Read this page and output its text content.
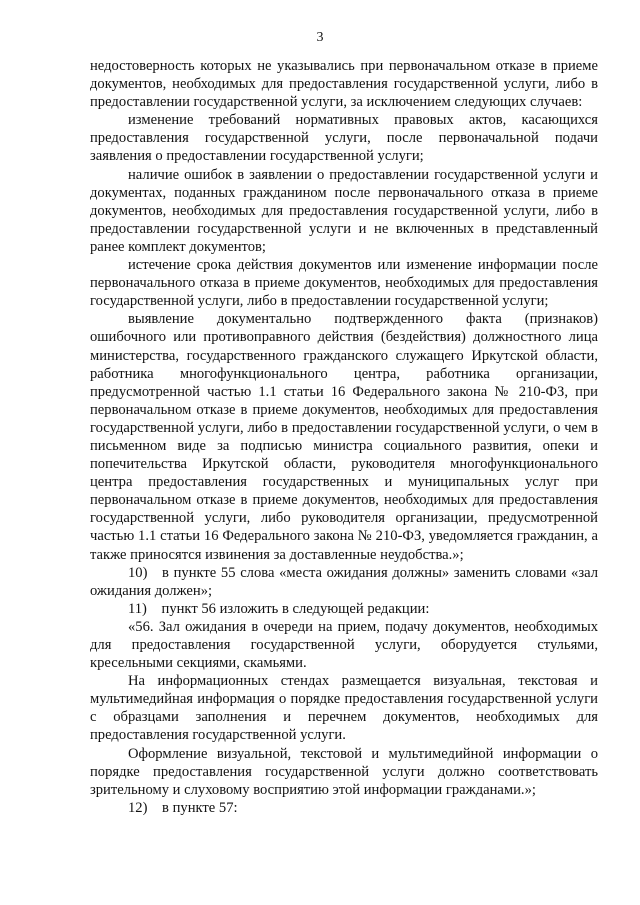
3

недостоверность которых не указывались при первоначальном отказе в приеме документов, необходимых для предоставления государственной услуги, либо в предоставлении государственной услуги, за исключением следующих случаев:

изменение требований нормативных правовых актов, касающихся предоставления государственной услуги, после первоначальной подачи заявления о предоставлении государственной услуги;

наличие ошибок в заявлении о предоставлении государственной услуги и документах, поданных гражданином после первоначального отказа в приеме документов, необходимых для предоставления государственной услуги, либо в предоставлении государственной услуги и не включенных в представленный ранее комплект документов;

истечение срока действия документов или изменение информации после первоначального отказа в приеме документов, необходимых для предоставления государственной услуги, либо в предоставлении государственной услуги;

выявление документально подтвержденного факта (признаков) ошибочного или противоправного действия (бездействия) должностного лица министерства, государственного гражданского служащего Иркутской области, работника многофункционального центра, работника организации, предусмотренной частью 1.1 статьи 16 Федерального закона № 210-ФЗ, при первоначальном отказе в приеме документов, необходимых для предоставления государственной услуги, либо в предоставлении государственной услуги, о чем в письменном виде за подписью министра социального развития, опеки и попечительства Иркутской области, руководителя многофункционального центра предоставления государственных и муниципальных услуг при первоначальном отказе в приеме документов, необходимых для предоставления государственной услуги, либо руководителя организации, предусмотренной частью 1.1 статьи 16 Федерального закона № 210-ФЗ, уведомляется гражданин, а также приносятся извинения за доставленные неудобства.»;

10) в пункте 55 слова «места ожидания должны» заменить словами «зал ожидания должен»;

11) пункт 56 изложить в следующей редакции:

«56. Зал ожидания в очереди на прием, подачу документов, необходимых для предоставления государственной услуги, оборудуется стульями, кресельными секциями, скамьями.

На информационных стендах размещается визуальная, текстовая и мультимедийная информация о порядке предоставления государственной услуги с образцами заполнения и перечнем документов, необходимых для предоставления государственной услуги.

Оформление визуальной, текстовой и мультимедийной информации о порядке предоставления государственной услуги должно соответствовать зрительному и слуховому восприятию этой информации гражданами.»;

12) в пункте 57:
